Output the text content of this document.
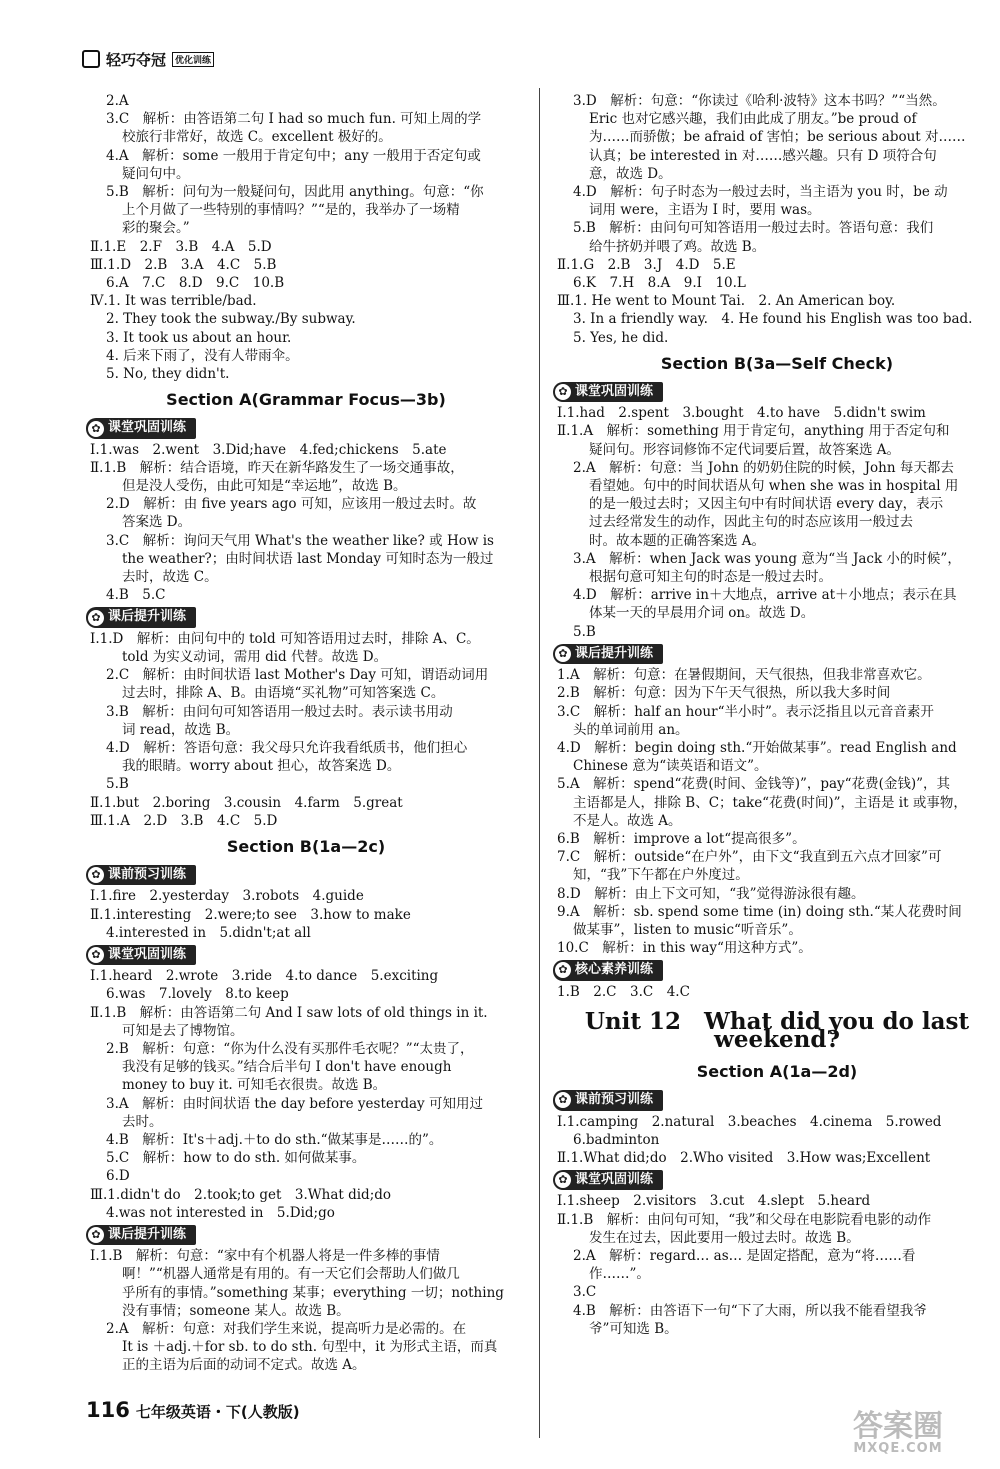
轻巧夺冠	优化训练
2.A
3.C　解析：由答语第二句 I had so much fun. 可知上周的学
校旅行非常好，故选 C。excellent 极好的。
4.A　解析：some 一般用于肯定句中；any 一般用于否定句或
疑问句中。
5.B　解析：问句为一般疑问句，因此用 anything。句意：“你
上个月做了一些特别的事情吗？”“是的，我举办了一场精
彩的聚会。”
Ⅱ.1.E　2.F　3.B　4.A　5.D
Ⅲ.1.D　2.B　3.A　4.C　5.B
6.A　7.C　8.D　9.C　10.B
Ⅳ.1. It was terrible/bad.
2. They took the subway./By subway.
3. It took us about an hour.
4. 后来下雨了，没有人带雨伞。
5. No, they didn't.
Section A(Grammar Focus—3b)
✿ 课堂巩固训练
Ⅰ.1.was　2.went　3.Did;have　4.fed;chickens　5.ate
Ⅱ.1.B　解析：结合语境，昨天在新华路发生了一场交通事故，
但是没人受伤，由此可知是“幸运地”，故选 B。
2.D　解析：由 five years ago 可知，应该用一般过去时。故
答案选 D。
3.C　解析：询问天气用 What's the weather like? 或 How is
the weather?；由时间状语 last Monday 可知时态为一般过
去时，故选 C。
4.B　5.C
✿ 课后提升训练
Ⅰ.1.D　解析：由问句中的 told 可知答语用过去时，排除 A、C。
told 为实义动词，需用 did 代替。故选 D。
2.C　解析：由时间状语 last Mother's Day 可知，谓语动词用
过去时，排除 A、B。由语境“买礼物”可知答案选 C。
3.B　解析：由问句可知答语用一般过去时。表示读书用动
词 read，故选 B。
4.D　解析：答语句意：我父母只允许我看纸质书，他们担心
我的眼睛。worry about 担心，故答案选 D。
5.B
Ⅱ.1.but　2.boring　3.cousin　4.farm　5.great
Ⅲ.1.A　2.D　3.B　4.C　5.D
Section B(1a—2c)
✿ 课前预习训练
Ⅰ.1.fire　2.yesterday　3.robots　4.guide
Ⅱ.1.interesting　2.were;to see　3.how to make
4.interested in　5.didn't;at all
✿ 课堂巩固训练
Ⅰ.1.heard　2.wrote　3.ride　4.to dance　5.exciting
6.was　7.lovely　8.to keep
Ⅱ.1.B　解析：由答语第二句 And I saw lots of old things in it.
可知是去了博物馆。
2.B　解析：句意：“你为什么没有买那件毛衣呢？”“太贵了，
我没有足够的钱买。”结合后半句 I don't have enough
money to buy it. 可知毛衣很贵。故选 B。
3.A　解析：由时间状语 the day before yesterday 可知用过
去时。
4.B　解析：It's＋adj.＋to do sth.“做某事是……的”。
5.C　解析：how to do sth. 如何做某事。
6.D
Ⅲ.1.didn't do　2.took;to get　3.What did;do
4.was not interested in　5.Did;go
✿ 课后提升训练
Ⅰ.1.B　解析：句意：“家中有个机器人将是一件多棒的事情
啊！”“机器人通常是有用的。有一天它们会帮助人们做几
乎所有的事情。”something 某事；everything 一切；nothing
没有事情；someone 某人。故选 B。
2.A　解析：句意：对我们学生来说，提高听力是必需的。在
It is ＋adj.＋for sb. to do sth. 句型中，it 为形式主语，而真
正的主语为后面的动词不定式。故选 A。
3.D　解析：句意：“你读过《哈利·波特》这本书吗？”“当然。
Eric 也对它感兴趣，我们由此成了朋友。”be proud of
为……而骄傲；be afraid of 害怕；be serious about 对……
认真；be interested in 对……感兴趣。只有 D 项符合句
意，故选 D。
4.D　解析：句子时态为一般过去时，当主语为 you 时，be 动
词用 were，主语为 I 时，要用 was。
5.B　解析：由问句可知答语用一般过去时。答语句意：我们
给牛挤奶并喂了鸡。故选 B。
Ⅱ.1.G　2.B　3.J　4.D　5.E
6.K　7.H　8.A　9.I　10.L
Ⅲ.1. He went to Mount Tai.　2. An American boy.
3. In a friendly way.　4. He found his English was too bad.
5. Yes, he did.
Section B(3a—Self Check)
✿ 课堂巩固训练
Ⅰ.1.had　2.spent　3.bought　4.to have　5.didn't swim
Ⅱ.1.A　解析：something 用于肯定句，anything 用于否定句和
疑问句。形容词修饰不定代词要后置，故答案选 A。
2.A　解析：句意：当 John 的奶奶住院的时候，John 每天都去
看望她。句中的时间状语从句 when she was in hospital 用
的是一般过去时；又因主句中有时间状语 every day，表示
过去经常发生的动作，因此主句的时态应该用一般过去
时。故本题的正确答案选 A。
3.A　解析：when Jack was young 意为“当 Jack 小的时候”，
根据句意可知主句的时态是一般过去时。
4.D　解析：arrive in＋大地点，arrive at＋小地点；表示在具
体某一天的早晨用介词 on。故选 D。
5.B
✿ 课后提升训练
1.A　解析：句意：在暑假期间，天气很热，但我非常喜欢它。
2.B　解析：句意：因为下午天气很热，所以我大多时间
3.C　解析：half an hour“半小时”。表示泛指且以元音音素开
头的单词前用 an。
4.D　解析：begin doing sth.“开始做某事”。read English and
Chinese 意为“读英语和语文”。
5.A　解析：spend“花费(时间、金钱等)”，pay“花费(金钱)”，其
主语都是人，排除 B、C；take“花费(时间)”，主语是 it 或事物，
不是人。故选 A。
6.B　解析：improve a lot“提高很多”。
7.C　解析：outside“在户外”，由下文“我直到五六点才回家”可
知，“我”下午都在户外度过。
8.D　解析：由上下文可知，“我”觉得游泳很有趣。
9.A　解析：sb. spend some time (in) doing sth.“某人花费时间
做某事”，listen to music“听音乐”。
10.C　解析：in this way“用这种方式”。
✿ 核心素养训练
1.B　2.C　3.C　4.C
Unit 12　What did you do last weekend?
Section A(1a—2d)
✿ 课前预习训练
Ⅰ.1.camping　2.natural　3.beaches　4.cinema　5.rowed
6.badminton
Ⅱ.1.What did;do　2.Who visited　3.How was;Excellent
✿ 课堂巩固训练
Ⅰ.1.sheep　2.visitors　3.cut　4.slept　5.heard
Ⅱ.1.B　解析：由问句可知，“我”和父母在电影院看电影的动作
发生在过去，因此要用一般过去时。故选 B。
2.A　解析：regard… as… 是固定搭配，意为“将……看
作……”。
3.C
4.B　解析：由答语下一句“下了大雨，所以我不能看望我爷
爷”可知选 B。
116 七年级英语・下(人教版)	答案圈
MXQE.COM
